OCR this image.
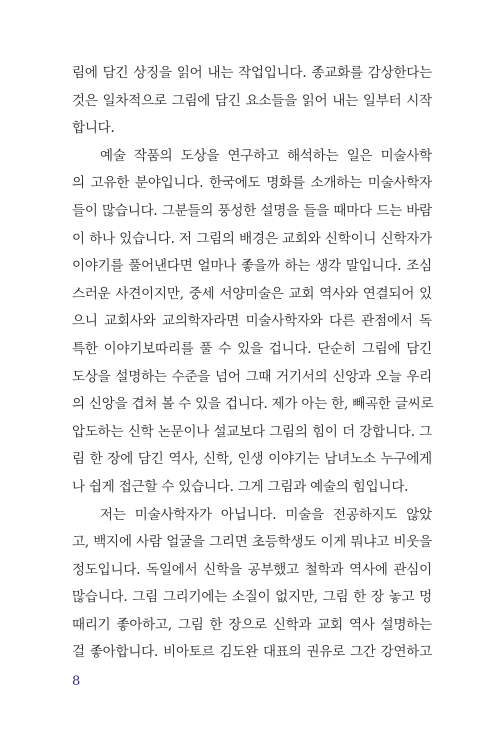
림에 담긴 상징을 읽어 내는 작업입니다. 종교화를 감상한다는
것은 일차적으로 그림에 담긴 요소들을 읽어 내는 일부터 시작
합니다.
예술 작품의 도상을 연구하고 해석하는 일은 미술사학
의 고유한 분야입니다. 한국에도 명화를 소개하는 미술사학자
들이 많습니다. 그분들의 풍성한 설명을 들을 때마다 드는 바람
이 하나 있습니다. 저 그림의 배경은 교회와 신학이니 신학자가
이야기를 풀어낸다면 얼마나 좋을까 하는 생각 말입니다. 조심
스러운 사견이지만, 중세 서양미술은 교회 역사와 연결되어 있
으니 교회사와 교의학자라면 미술사학자와 다른 관점에서 독
특한 이야기보따리를 풀 수 있을 겁니다. 단순히 그림에 담긴
도상을 설명하는 수준을 넘어 그때 거기서의 신앙과 오늘 우리
의 신앙을 겹쳐 볼 수 있을 겁니다. 제가 아는 한, 빼곡한 글씨로
압도하는 신학 논문이나 설교보다 그림의 힘이 더 강합니다. 그
림 한 장에 담긴 역사, 신학, 인생 이야기는 남녀노소 누구에게
나 쉽게 접근할 수 있습니다. 그게 그림과 예술의 힘입니다.
저는 미술사학자가 아닙니다. 미술을 전공하지도 않았
고, 백지에 사람 얼굴을 그리면 초등학생도 이게 뭐냐고 비웃을
정도입니다. 독일에서 신학을 공부했고 철학과 역사에 관심이
많습니다. 그림 그리기에는 소질이 없지만, 그림 한 장 놓고 멍
때리기 좋아하고, 그림 한 장으로 신학과 교회 역사 설명하는
걸 좋아합니다. 비아토르 김도완 대표의 권유로 그간 강연하고
8
